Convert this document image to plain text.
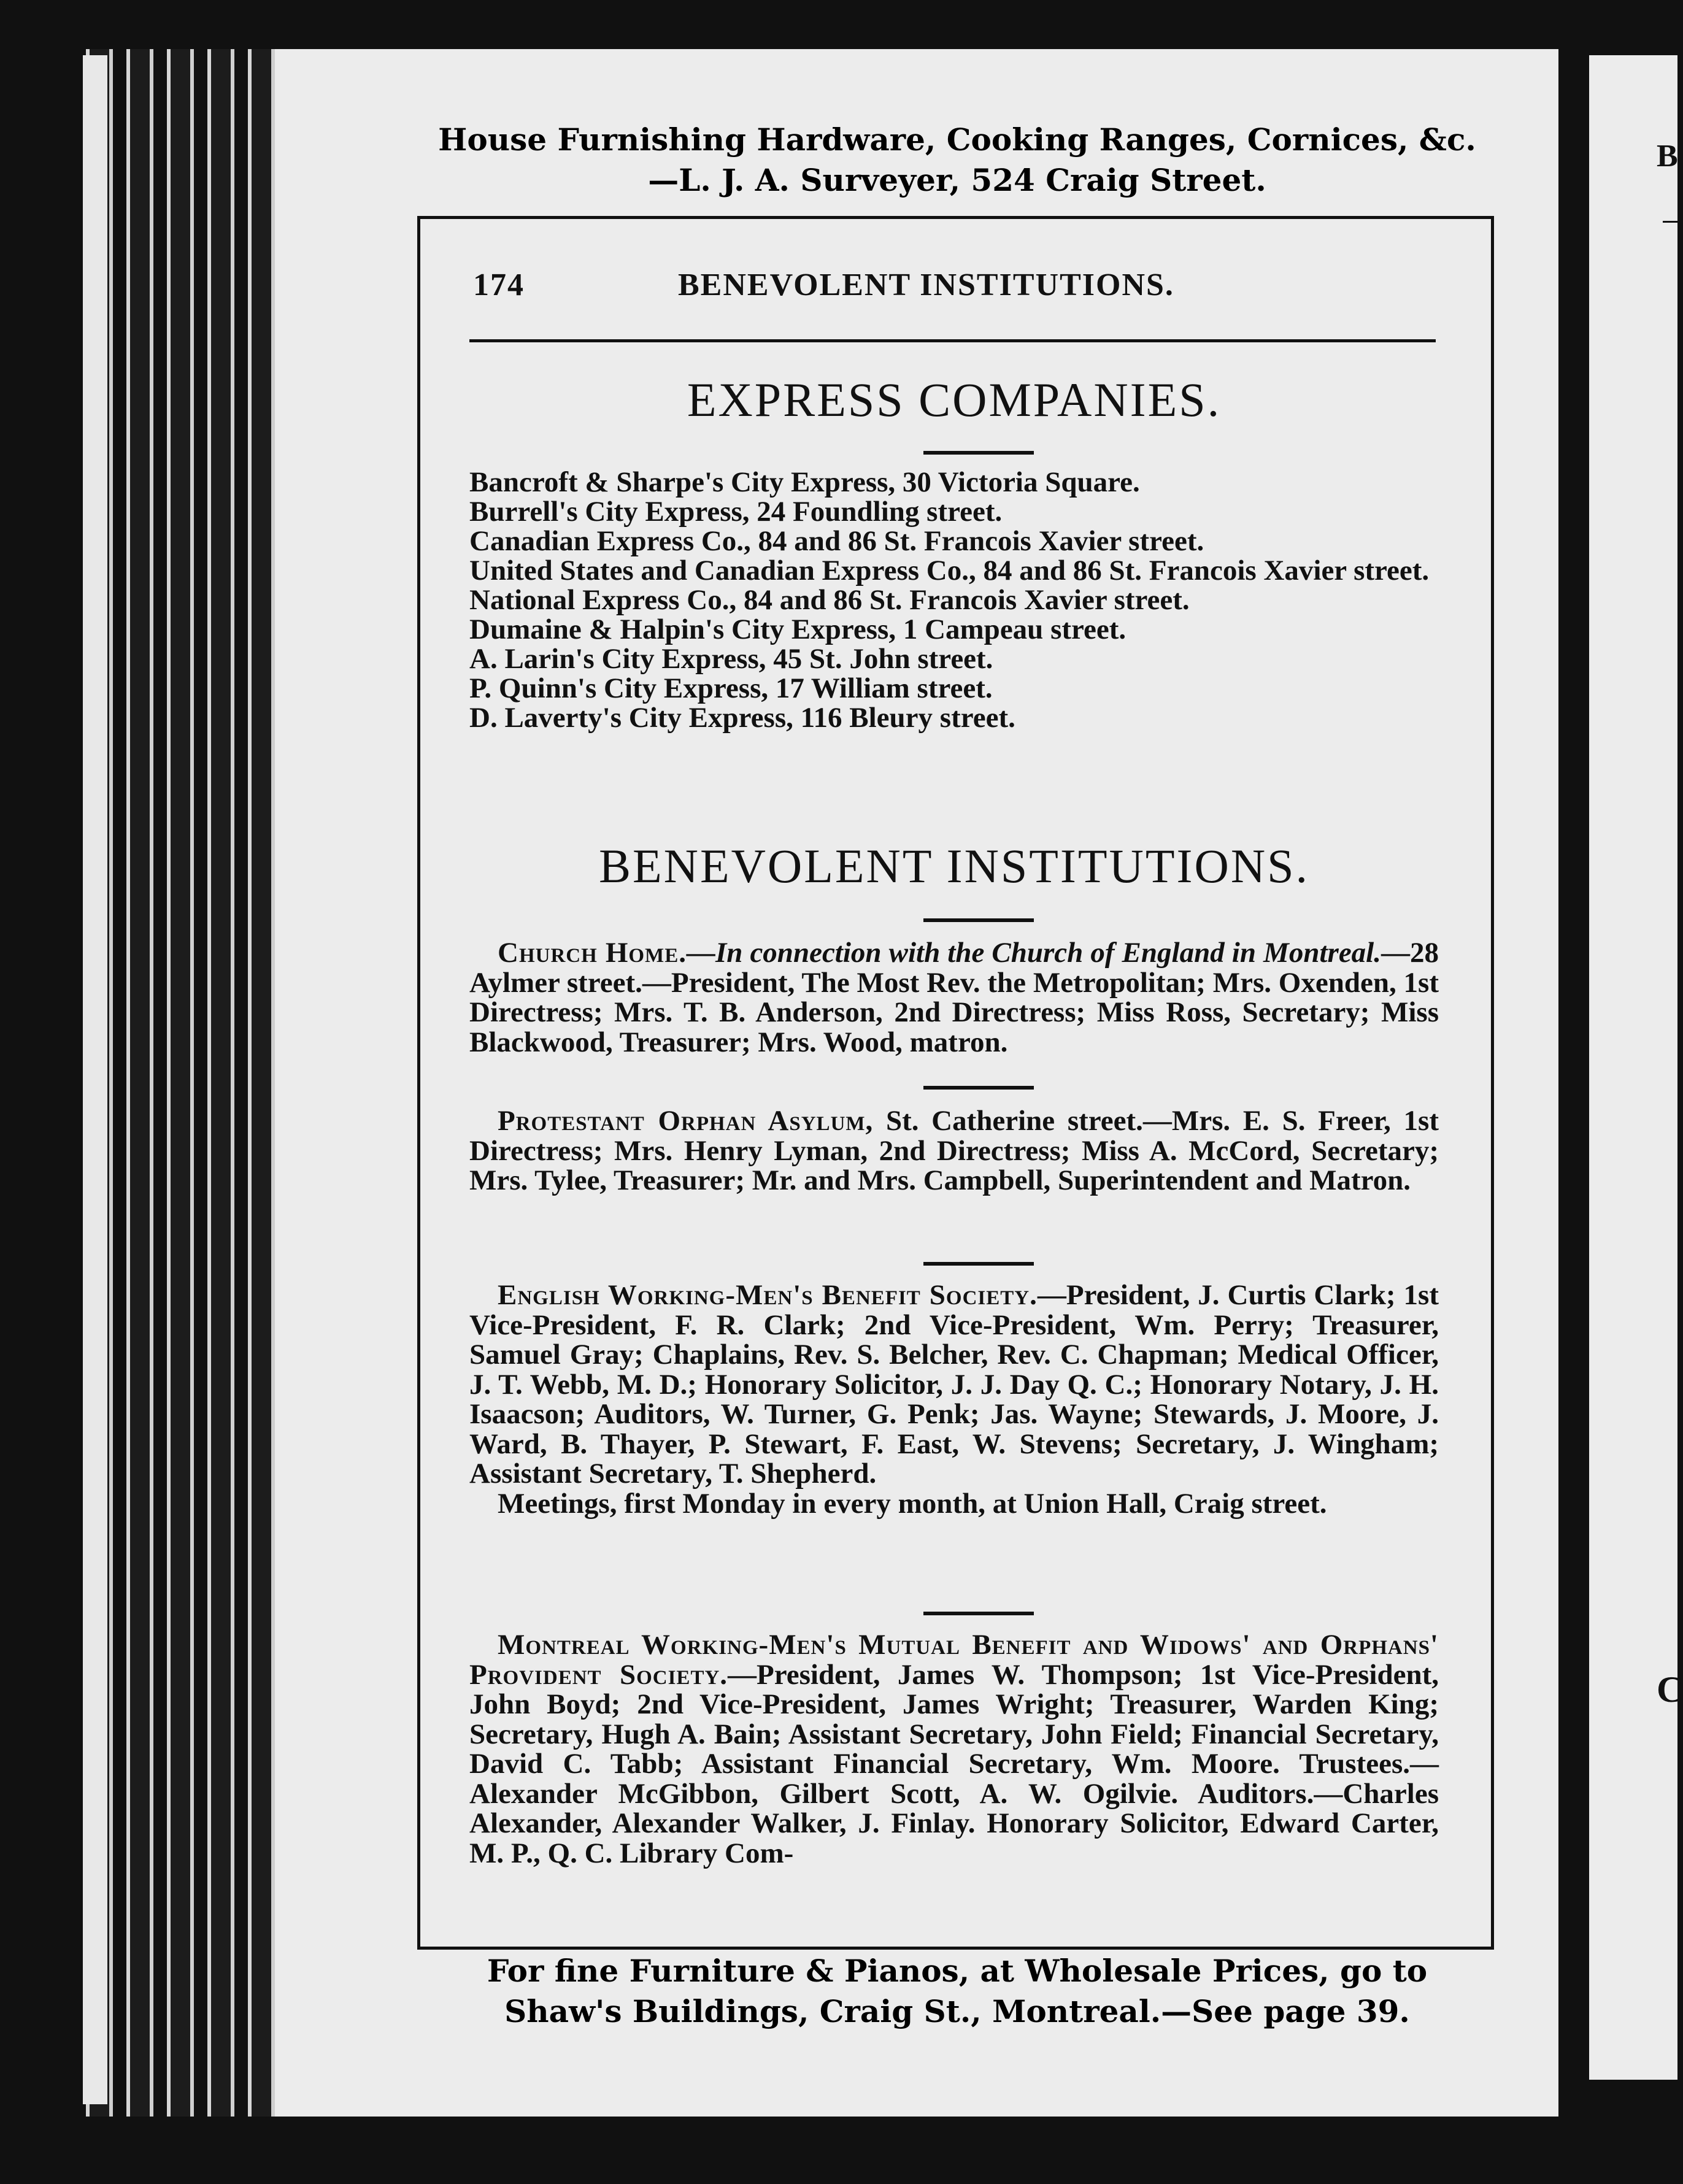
B
C
House Furnishing Hardware, Cooking Ranges, Cornices, &c.—L. J. A. Surveyer, 524 Craig Street.
174	BENEVOLENT INSTITUTIONS.
EXPRESS COMPANIES.
Bancroft & Sharpe's City Express, 30 Victoria Square.
Burrell's City Express, 24 Foundling street.
Canadian Express Co., 84 and 86 St. Francois Xavier street.
United States and Canadian Express Co., 84 and 86 St. Francois Xavier street.
National Express Co., 84 and 86 St. Francois Xavier street.
Dumaine & Halpin's City Express, 1 Campeau street.
A. Larin's City Express, 45 St. John street.
P. Quinn's City Express, 17 William street.
D. Laverty's City Express, 116 Bleury street.
BENEVOLENT INSTITUTIONS.
Church Home.—In connection with the Church of England in Montreal.—28 Aylmer street.—President, The Most Rev. the Metropolitan; Mrs. Oxenden, 1st Directress; Mrs. T. B. Anderson, 2nd Directress; Miss Ross, Secretary; Miss Blackwood, Treasurer; Mrs. Wood, matron.
Protestant Orphan Asylum, St. Catherine street.—Mrs. E. S. Freer, 1st Directress; Mrs. Henry Lyman, 2nd Directress; Miss A. McCord, Secretary; Mrs. Tylee, Treasurer; Mr. and Mrs. Campbell, Superintendent and Matron.
English Working-Men's Benefit Society.—President, J. Curtis Clark; 1st Vice-President, F. R. Clark; 2nd Vice-President, Wm. Perry; Treasurer, Samuel Gray; Chaplains, Rev. S. Belcher, Rev. C. Chapman; Medical Officer, J. T. Webb, M. D.; Honorary Solicitor, J. J. Day Q. C.; Honorary Notary, J. H. Isaacson; Auditors, W. Turner, G. Penk; Jas. Wayne; Stewards, J. Moore, J. Ward, B. Thayer, P. Stewart, F. East, W. Stevens; Secretary, J. Wingham; Assistant Secretary, T. Shepherd.
Meetings, first Monday in every month, at Union Hall, Craig street.
Montreal Working-Men's Mutual Benefit and Widows' and Orphans' Provident Society.—President, James W. Thompson; 1st Vice-President, John Boyd; 2nd Vice-President, James Wright; Treasurer, Warden King; Secretary, Hugh A. Bain; Assistant Secretary, John Field; Financial Secretary, David C. Tabb; Assistant Financial Secretary, Wm. Moore. Trustees.—Alexander McGibbon, Gilbert Scott, A. W. Ogilvie. Auditors.—Charles Alexander, Alexander Walker, J. Finlay. Honorary Solicitor, Edward Carter, M. P., Q. C. Library Com-
For fine Furniture & Pianos, at Wholesale Prices, go to Shaw's Buildings, Craig St., Montreal.—See page 39.
